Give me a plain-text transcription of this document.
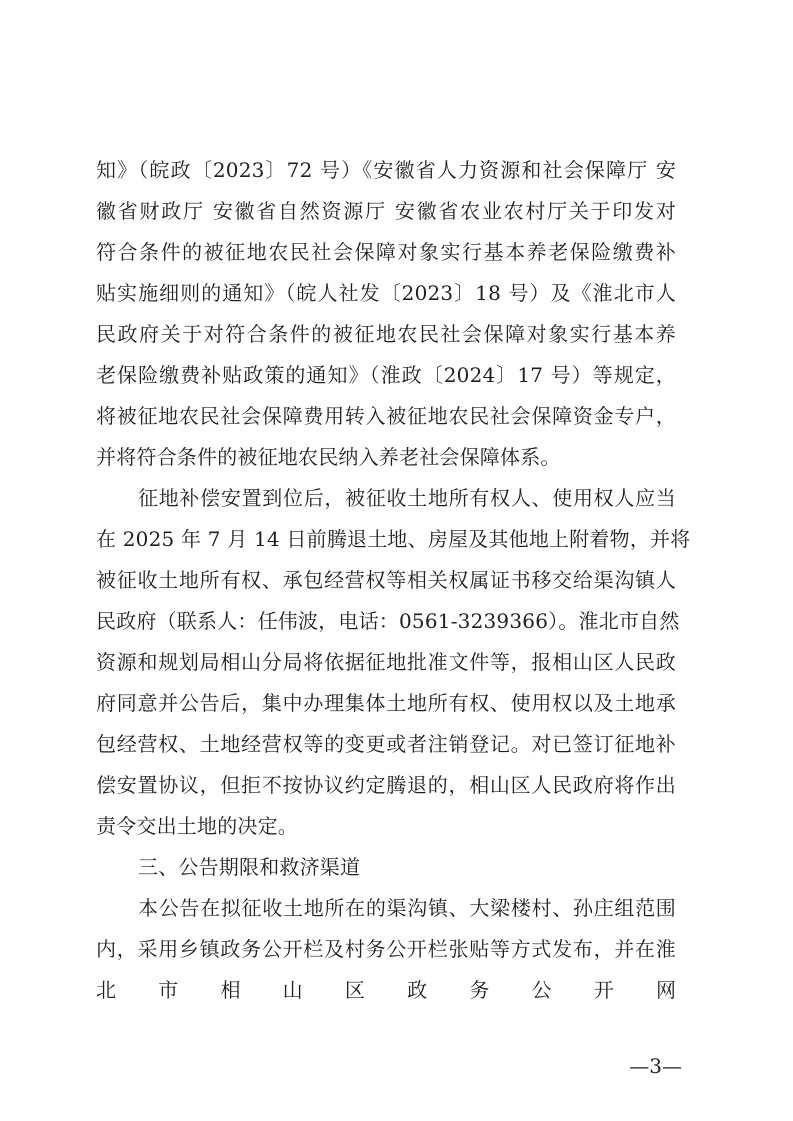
知》（皖政〔2023〕72 号）《安徽省人力资源和社会保障厅 安
徽省财政厅 安徽省自然资源厅 安徽省农业农村厅关于印发对
符合条件的被征地农民社会保障对象实行基本养老保险缴费补
贴实施细则的通知》（皖人社发〔2023〕18 号）及《淮北市人
民政府关于对符合条件的被征地农民社会保障对象实行基本养
老保险缴费补贴政策的通知》（淮政〔2024〕17 号）等规定，
将被征地农民社会保障费用转入被征地农民社会保障资金专户，
并将符合条件的被征地农民纳入养老社会保障体系。
征地补偿安置到位后，被征收土地所有权人、使用权人应当
在 2025 年 7 月 14 日前腾退土地、房屋及其他地上附着物，并将
被征收土地所有权、承包经营权等相关权属证书移交给渠沟镇人
民政府（联系人：任伟波，电话：0561-3239366）。淮北市自然
资源和规划局相山分局将依据征地批准文件等，报相山区人民政
府同意并公告后，集中办理集体土地所有权、使用权以及土地承
包经营权、土地经营权等的变更或者注销登记。对已签订征地补
偿安置协议，但拒不按协议约定腾退的，相山区人民政府将作出
责令交出土地的决定。
三、公告期限和救济渠道
本公告在拟征收土地所在的渠沟镇、大梁楼村、孙庄组范围
内，采用乡镇政务公开栏及村务公开栏张贴等方式发布，并在淮
北 市 相 山 区 政 务 公 开 网
—3—
